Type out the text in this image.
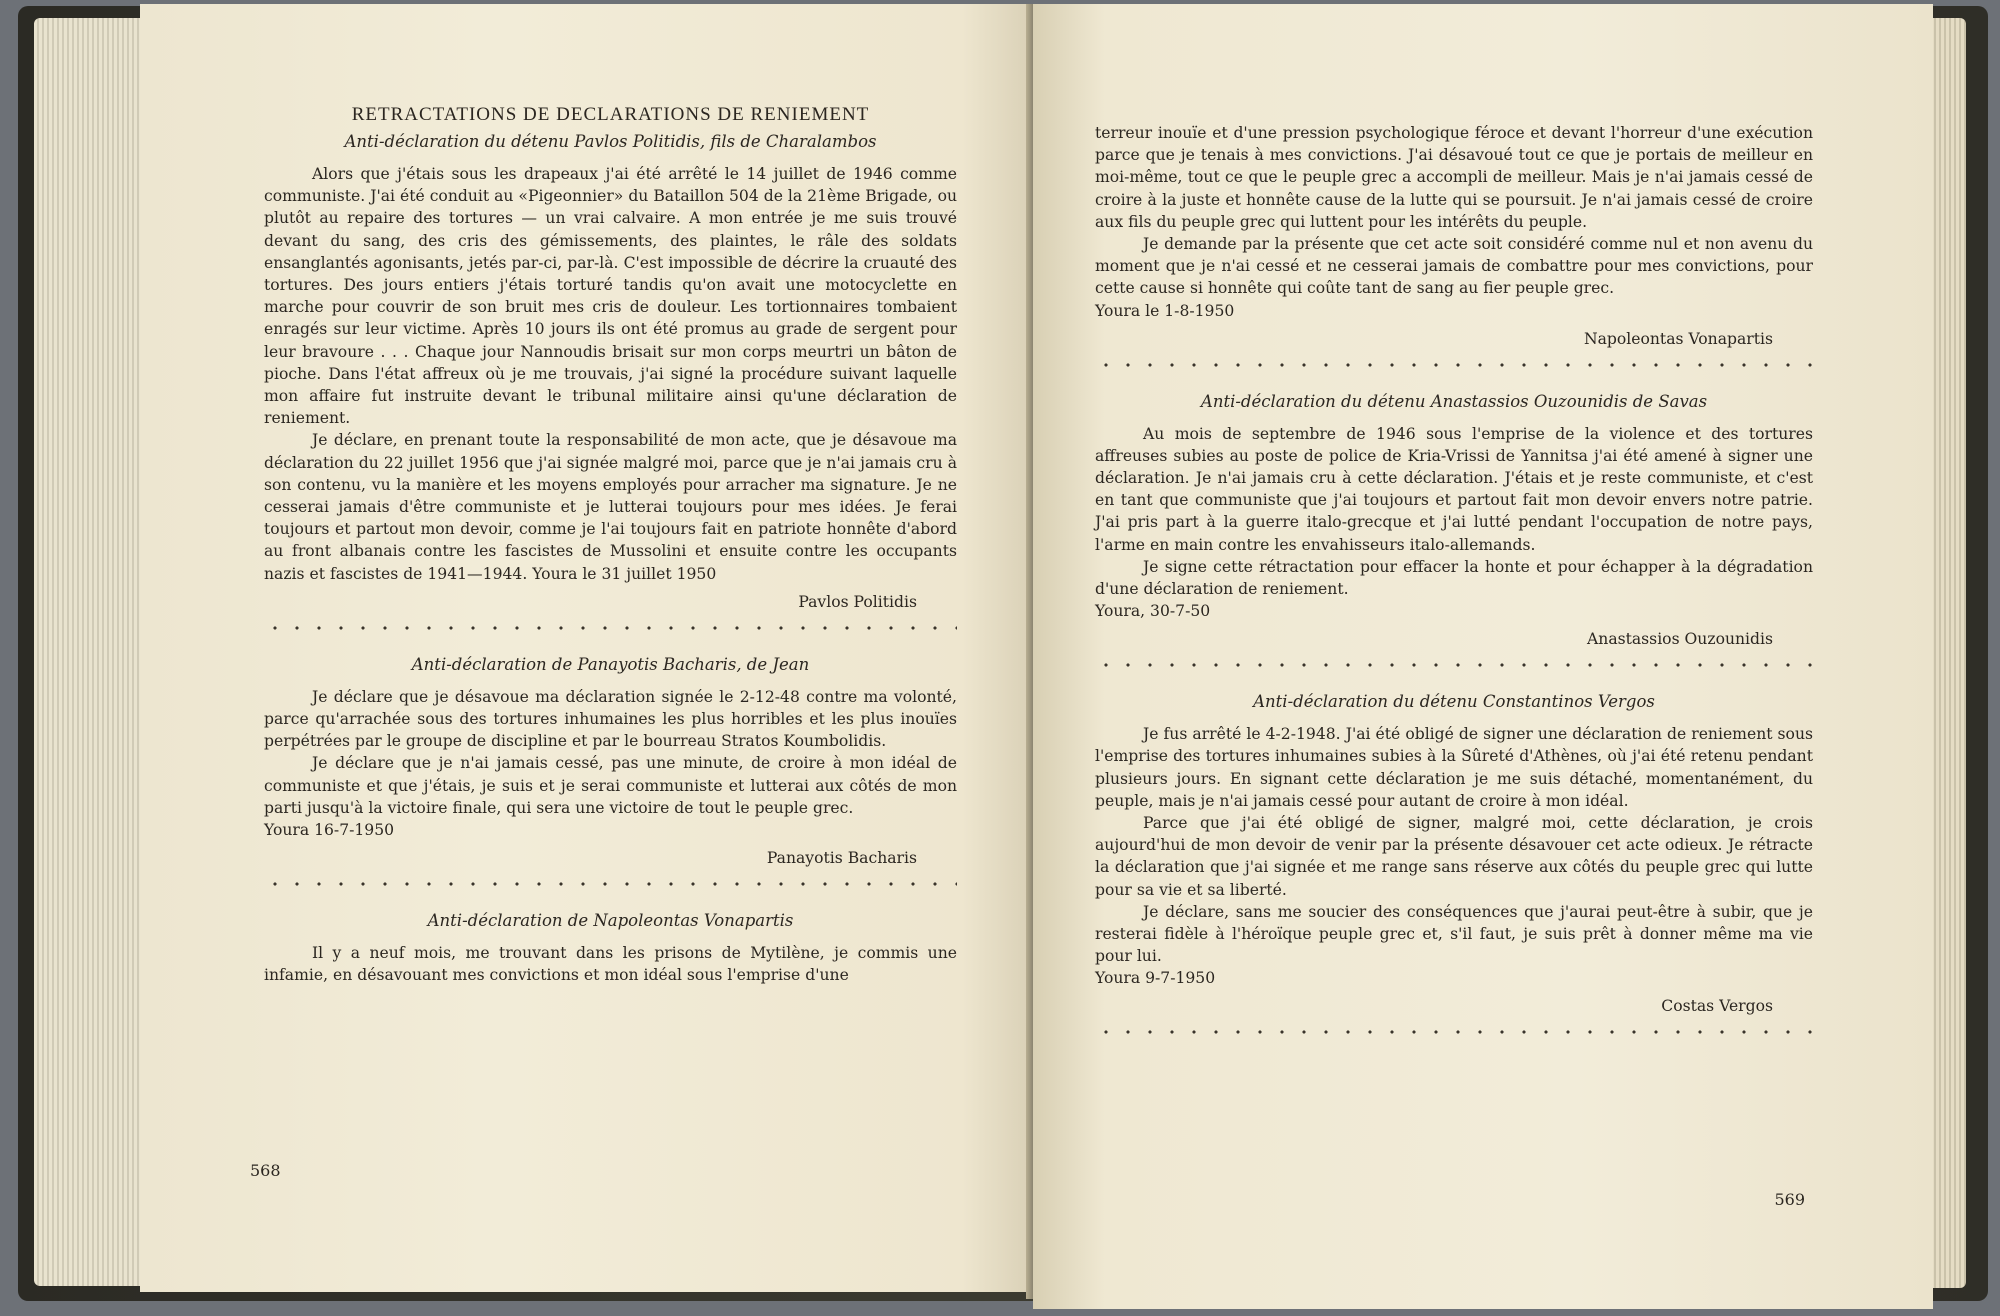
RETRACTATIONS DE DECLARATIONS DE RENIEMENT
Anti-déclaration du détenu Pavlos Politidis, fils de Charalambos

Alors que j'étais sous les drapeaux j'ai été arrêté le 14 juillet de 1946 comme communiste. J'ai été conduit au «Pigeonnier» du Bataillon 504 de la 21ème Brigade, ou plutôt au repaire des tortures — un vrai calvaire. A mon entrée je me suis trouvé devant du sang, des cris des gémissements, des plaintes, le râle des soldats ensanglantés agonisants, jetés par-ci, par-là. C'est impossible de décrire la cruauté des tortures. Des jours entiers j'étais torturé tandis qu'on avait une motocyclette en marche pour couvrir de son bruit mes cris de douleur. Les tortionnaires tombaient enragés sur leur victime. Après 10 jours ils ont été promus au grade de sergent pour leur bravoure . . . Chaque jour Nannoudis brisait sur mon corps meurtri un bâton de pioche. Dans l'état affreux où je me trouvais, j'ai signé la procédure suivant laquelle mon affaire fut instruite devant le tribunal militaire ainsi qu'une déclaration de reniement.

Je déclare, en prenant toute la responsabilité de mon acte, que je désavoue ma déclaration du 22 juillet 1956 que j'ai signée malgré moi, parce que je n'ai jamais cru à son contenu, vu la manière et les moyens employés pour arracher ma signature. Je ne cesserai jamais d'être communiste et je lutterai toujours pour mes idées. Je ferai toujours et partout mon devoir, comme je l'ai toujours fait en patriote honnête d'abord au front albanais contre les fascistes de Mussolini et ensuite contre les occupants nazis et fascistes de 1941—1944. Youra le 31 juillet 1950

Pavlos Politidis
Anti-déclaration de Panayotis Bacharis, de Jean

Je déclare que je désavoue ma déclaration signée le 2-12-48 contre ma volonté, parce qu'arrachée sous des tortures inhumaines les plus horribles et les plus inouïes perpétrées par le groupe de discipline et par le bourreau Stratos Koumbolidis.

Je déclare que je n'ai jamais cessé, pas une minute, de croire à mon idéal de communiste et que j'étais, je suis et je serai communiste et lutterai aux côtés de mon parti jusqu'à la victoire finale, qui sera une victoire de tout le peuple grec.

Youra 16-7-1950
Panayotis Bacharis
Anti-déclaration de Napoleontas Vonapartis

Il y a neuf mois, me trouvant dans les prisons de Mytilène, je commis une infamie, en désavouant mes convictions et mon idéal sous l'emprise d'une

568

terreur inouïe et d'une pression psychologique féroce et devant l'horreur d'une exécution parce que je tenais à mes convictions. J'ai désavoué tout ce que je portais de meilleur en moi-même, tout ce que le peuple grec a accompli de meilleur. Mais je n'ai jamais cessé de croire à la juste et honnête cause de la lutte qui se poursuit. Je n'ai jamais cessé de croire aux fils du peuple grec qui luttent pour les intérêts du peuple.

Je demande par la présente que cet acte soit considéré comme nul et non avenu du moment que je n'ai cessé et ne cesserai jamais de combattre pour mes convictions, pour cette cause si honnête qui coûte tant de sang au fier peuple grec.

Youra le 1-8-1950
Napoleontas Vonapartis
Anti-déclaration du détenu Anastassios Ouzounidis de Savas

Au mois de septembre de 1946 sous l'emprise de la violence et des tortures affreuses subies au poste de police de Kria-Vrissi de Yannitsa j'ai été amené à signer une déclaration. Je n'ai jamais cru à cette déclaration. J'étais et je reste communiste, et c'est en tant que communiste que j'ai toujours et partout fait mon devoir envers notre patrie. J'ai pris part à la guerre italo-grecque et j'ai lutté pendant l'occupation de notre pays, l'arme en main contre les envahisseurs italo-allemands.

Je signe cette rétractation pour effacer la honte et pour échapper à la dégradation d'une déclaration de reniement.

Youra, 30-7-50
Anastassios Ouzounidis
Anti-déclaration du détenu Constantinos Vergos

Je fus arrêté le 4-2-1948. J'ai été obligé de signer une déclaration de reniement sous l'emprise des tortures inhumaines subies à la Sûreté d'Athènes, où j'ai été retenu pendant plusieurs jours. En signant cette déclaration je me suis détaché, momentanément, du peuple, mais je n'ai jamais cessé pour autant de croire à mon idéal.

Parce que j'ai été obligé de signer, malgré moi, cette déclaration, je crois aujourd'hui de mon devoir de venir par la présente désavouer cet acte odieux. Je rétracte la déclaration que j'ai signée et me range sans réserve aux côtés du peuple grec qui lutte pour sa vie et sa liberté.

Je déclare, sans me soucier des conséquences que j'aurai peut-être à subir, que je resterai fidèle à l'héroïque peuple grec et, s'il faut, je suis prêt à donner même ma vie pour lui.

Youra 9-7-1950
Costas Vergos
569
